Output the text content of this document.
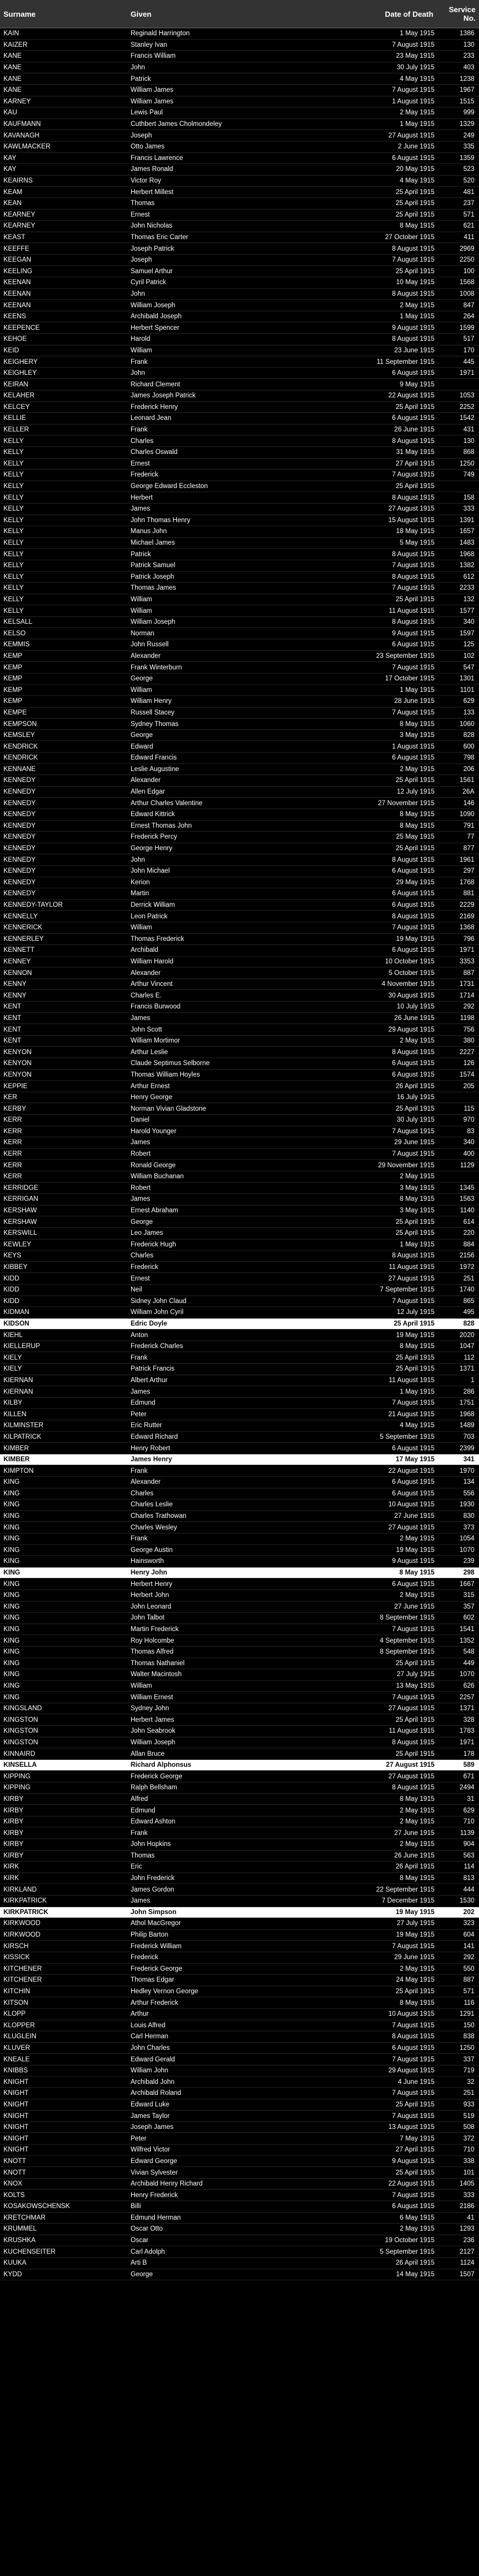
Surname	Given	Date of Death	Service No.
KAIN	Reginald Harrington	1 May 1915	1386
KAIZER	Stanley Ivan	7 August 1915	130
KANE	Francis William	23 May 1915	233
KANE	John	30 July 1915	403
KANE	Patrick	4 May 1915	1238
KANE	William James	7 August 1915	1967
KARNEY	William James	1 August 1915	1515
KAU	Lewis Paul	2 May 1915	999
KAUFMANN	Cuthbert James Cholmondeley	1 May 1915	1329
KAVANAGH	Joseph	27 August 1915	249
KAWLMACKER	Otto James	2 June 1915	335
KAY	Francis Lawrence	6 August 1915	1359
KAY	James Ronald	20 May 1915	523
KEAIRNS	Victor Roy	4 May 1915	520
KEAM	Herbert Millest	25 April 1915	481
KEAN	Thomas	25 April 1915	237
KEARNEY	Ernest	25 April 1915	571
KEARNEY	John Nicholas	8 May 1915	621
KEAST	Thomas Eric Carter	27 October 1915	411
KEEFFE	Joseph Patrick	8 August 1915	2969
KEEGAN	Joseph	7 August 1915	2250
KEELING	Samuel Arthur	25 April 1915	100
KEENAN	Cyril Patrick	10 May 1915	1568
KEENAN	John	8 August 1915	1008
KEENAN	William Joseph	2 May 1915	847
KEENS	Archibald Joseph	1 May 1915	264
KEEPENCE	Herbert Spencer	9 August 1915	1599
KEHOE	Harold	8 August 1915	517
KEID	William	23 June 1915	170
KEIGHERY	Frank	11 September 1915	445
KEIGHLEY	John	6 August 1915	1971
KEIRAN	Richard Clement	9 May 1915
KELAHER	James Joseph Patrick	22 August 1915	1053
KELCEY	Frederick Henry	25 April 1915	2252
KELLIE	Leonard Jean	6 August 1915	1542
KELLER	Frank	26 June 1915	431
KELLY	Charles	8 August 1915	130
KELLY	Charles Oswald	31 May 1915	868
KELLY	Ernest	27 April 1915	1250
KELLY	Frederick	7 August 1915	749
KELLY	George Edward Eccleston	25 April 1915
KELLY	Herbert	8 August 1915	158
KELLY	James	27 August 1915	333
KELLY	John Thomas Henry	15 August 1915	1391
KELLY	Manus John	18 May 1915	1657
KELLY	Michael James	5 May 1915	1483
KELLY	Patrick	8 August 1915	1968
KELLY	Patrick Samuel	7 August 1915	1382
KELLY	Patrick Joseph	8 August 1915	612
KELLY	Thomas James	7 August 1915	2233
KELLY	William	25 April 1915	132
KELLY	William	11 August 1915	1577
KELSALL	William Joseph	8 August 1915	340
KELSO	Norman	9 August 1915	1597
KEMMIS	John Russell	6 August 1915	125
KEMP	Alexander	23 September 1915	102
KEMP	Frank Winterburn	7 August 1915	547
KEMP	George	17 October 1915	1301
KEMP	William	1 May 1915	1101
KEMP	William Henry	28 June 1915	629
KEMPE	Russell Stacey	7 August 1915	133
KEMPSON	Sydney Thomas	8 May 1915	1060
KEMSLEY	George	3 May 1915	828
KENDRICK	Edward	1 August 1915	600
KENDRICK	Edward Francis	6 August 1915	798
KENNANE	Leslie Augustine	2 May 1915	206
KENNEDY	Alexander	25 April 1915	1561
KENNEDY	Allen Edgar	12 July 1915	26A
KENNEDY	Arthur Charles Valentine	27 November 1915	146
KENNEDY	Edward Kittrick	8 May 1915	1090
KENNEDY	Ernest Thomas John	8 May 1915	791
KENNEDY	Frederick Percy	25 May 1915	77
KENNEDY	George Henry	25 April 1915	877
KENNEDY	John	8 August 1915	1961
KENNEDY	John Michael	6 August 1915	297
KENNEDY	Kerion	29 May 1915	1768
KENNEDY	Martin	6 August 1915	881
KENNEDY-TAYLOR	Derrick William	6 August 1915	2229
KENNELLY	Leon Patrick	8 August 1915	2169
KENNERICK	William	7 August 1915	1368
KENNERLEY	Thomas Frederick	19 May 1915	796
KENNETT	Archibald	6 August 1915	1971
KENNEY	William Harold	10 October 1915	3353
KENNON	Alexander	5 October 1915	887
KENNY	Arthur Vincent	4 November 1915	1731
KENNY	Charles E.	30 August 1915	1714
KENT	Francis Burwood	10 July 1915	292
KENT	James	26 June 1915	1198
KENT	John Scott	29 August 1915	756
KENT	William Mortimor	2 May 1915	380
KENYON	Arthur Leslie	8 August 1915	2227
KENYON	Claude Septimus Selborne	6 August 1915	126
KENYON	Thomas William Hoyles	6 August 1915	1574
KEPPIE	Arthur Ernest	26 April 1915	205
KER	Henry George	16 July 1915
KERBY	Norman Vivian Gladstone	25 April 1915	115
KERR	Daniel	30 July 1915	970
KERR	Harold Younger	7 August 1915	83
KERR	James	29 June 1915	340
KERR	Robert	7 August 1915	400
KERR	Ronald George	29 November 1915	1129
KERR	William Buchanan	2 May 1915
KERRIDGE	Robert	3 May 1915	1345
KERRIGAN	James	8 May 1915	1563
KERSHAW	Ernest Abraham	3 May 1915	1140
KERSHAW	George	25 April 1915	614
KERSWILL	Leo James	25 April 1915	220
KEWLEY	Frederick Hugh	1 May 1915	884
KEYS	Charles	8 August 1915	2156
KIBBEY	Frederick	11 August 1915	1972
KIDD	Ernest	27 August 1915	251
KIDD	Neil	7 September 1915	1740
KIDD	Sidney John Claud	7 August 1915	865
KIDMAN	William John Cyril	12 July 1915	495
KIDSON	Edric Doyle	25 April 1915	828
KIEHL	Anton	19 May 1915	2020
KIELLERUP	Frederick Charles	8 May 1915	1047
KIELY	Frank	25 April 1915	112
KIELY	Patrick Francis	25 April 1915	1371
KIERNAN	Albert Arthur	11 August 1915	1
KIERNAN	James	1 May 1915	286
KILBY	Edmund	7 August 1915	1751
KILLEN	Peter	21 August 1915	1968
KILMINSTER	Eric Rutter	4 May 1915	1489
KILPATRICK	Edward Richard	5 September 1915	703
KIMBER	Henry Robert	6 August 1915	2399
KIMBER	James Henry	17 May 1915	341
KIMPTON	Frank	22 August 1915	1970
KING	Alexander	6 August 1915	134
KING	Charles	6 August 1915	556
KING	Charles Leslie	10 August 1915	1930
KING	Charles Trathowan	27 June 1915	830
KING	Charles Wesley	27 August 1915	373
KING	Frank	2 May 1915	1054
KING	George Austin	19 May 1915	1070
KING	Hainsworth	9 August 1915	239
KING	Henry John	8 May 1915	298
KING	Herbert Henry	6 August 1915	1667
KING	Herbert John	2 May 1915	315
KING	John Leonard	27 June 1915	357
KING	John Talbot	8 September 1915	602
KING	Martin Frederick	7 August 1915	1541
KING	Roy Holcombe	4 September 1915	1352
KING	Thomas Alfred	8 September 1915	548
KING	Thomas Nathaniel	25 April 1915	449
KING	Walter Macintosh	27 July 1915	1070
KING	William	13 May 1915	626
KING	William Ernest	7 August 1915	2257
KINGSLAND	Sydney John	27 August 1915	1371
KINGSTON	Herbert James	25 April 1915	328
KINGSTON	John Seabrook	11 August 1915	1783
KINGSTON	William Joseph	8 August 1915	1971
KINNAIRD	Allan Bruce	25 April 1915	178
KINSELLA	Richard Alphonsus	27 August 1915	589
KIPPING	Frederick George	27 August 1915	671
KIPPING	Ralph Bellsham	8 August 1915	2494
KIRBY	Alfred	8 May 1915	31
KIRBY	Edmund	2 May 1915	629
KIRBY	Edward Ashton	2 May 1915	710
KIRBY	Frank	27 June 1915	1139
KIRBY	John Hopkins	2 May 1915	904
KIRBY	Thomas	26 June 1915	563
KIRK	Eric	26 April 1915	114
KIRK	John Frederick	8 May 1915	813
KIRKLAND	James Gordon	22 September 1915	444
KIRKPATRICK	James	7 December 1915	1530
KIRKPATRICK	John Simpson	19 May 1915	202
KIRKWOOD	Athol MacGregor	27 July 1915	323
KIRKWOOD	Philip Barton	19 May 1915	604
KIRSCH	Frederick William	7 August 1915	141
KISSICK	Frederick	29 June 1915	292
KITCHENER	Frederick George	2 May 1915	550
KITCHENER	Thomas Edgar	24 May 1915	887
KITCHIN	Hedley Vernon George	25 April 1915	571
KITSON	Arthur Frederick	8 May 1915	116
KLOPP	Arthur	10 August 1915	1291
KLOPPER	Louis Alfred	7 August 1915	150
KLUGLEIN	Carl Herman	8 August 1915	838
KLUVER	John Charles	6 August 1915	1250
KNEALE	Edward Gerald	7 August 1915	337
KNIBBS	William John	29 August 1915	719
KNIGHT	Archibald John	4 June 1915	32
KNIGHT	Archibald Roland	7 August 1915	251
KNIGHT	Edward Luke	25 April 1915	933
KNIGHT	James Taylor	7 August 1915	519
KNIGHT	Joseph James	13 August 1915	508
KNIGHT	Peter	7 May 1915	372
KNIGHT	Wilfred Victor	27 April 1915	710
KNOTT	Edward George	9 August 1915	338
KNOTT	Vivian Sylvester	25 April 1915	101
KNOX	Archibald Henry Richard	22 August 1915	1405
KOLTS	Henry Frederick	7 August 1915	333
KOSAKOWSCHENSK	Billi	6 August 1915	2186
KRETCHMAR	Edmund Herman	6 May 1915	41
KRUMMEL	Oscar Otto	2 May 1915	1293
KRUSHKA	Oscar	19 October 1915	236
KUCHENSEITER	Carl Adolph	5 September 1915	2127
KUUKA	Arti B	26 April 1915	1124
KYDD	George	14 May 1915	1507
